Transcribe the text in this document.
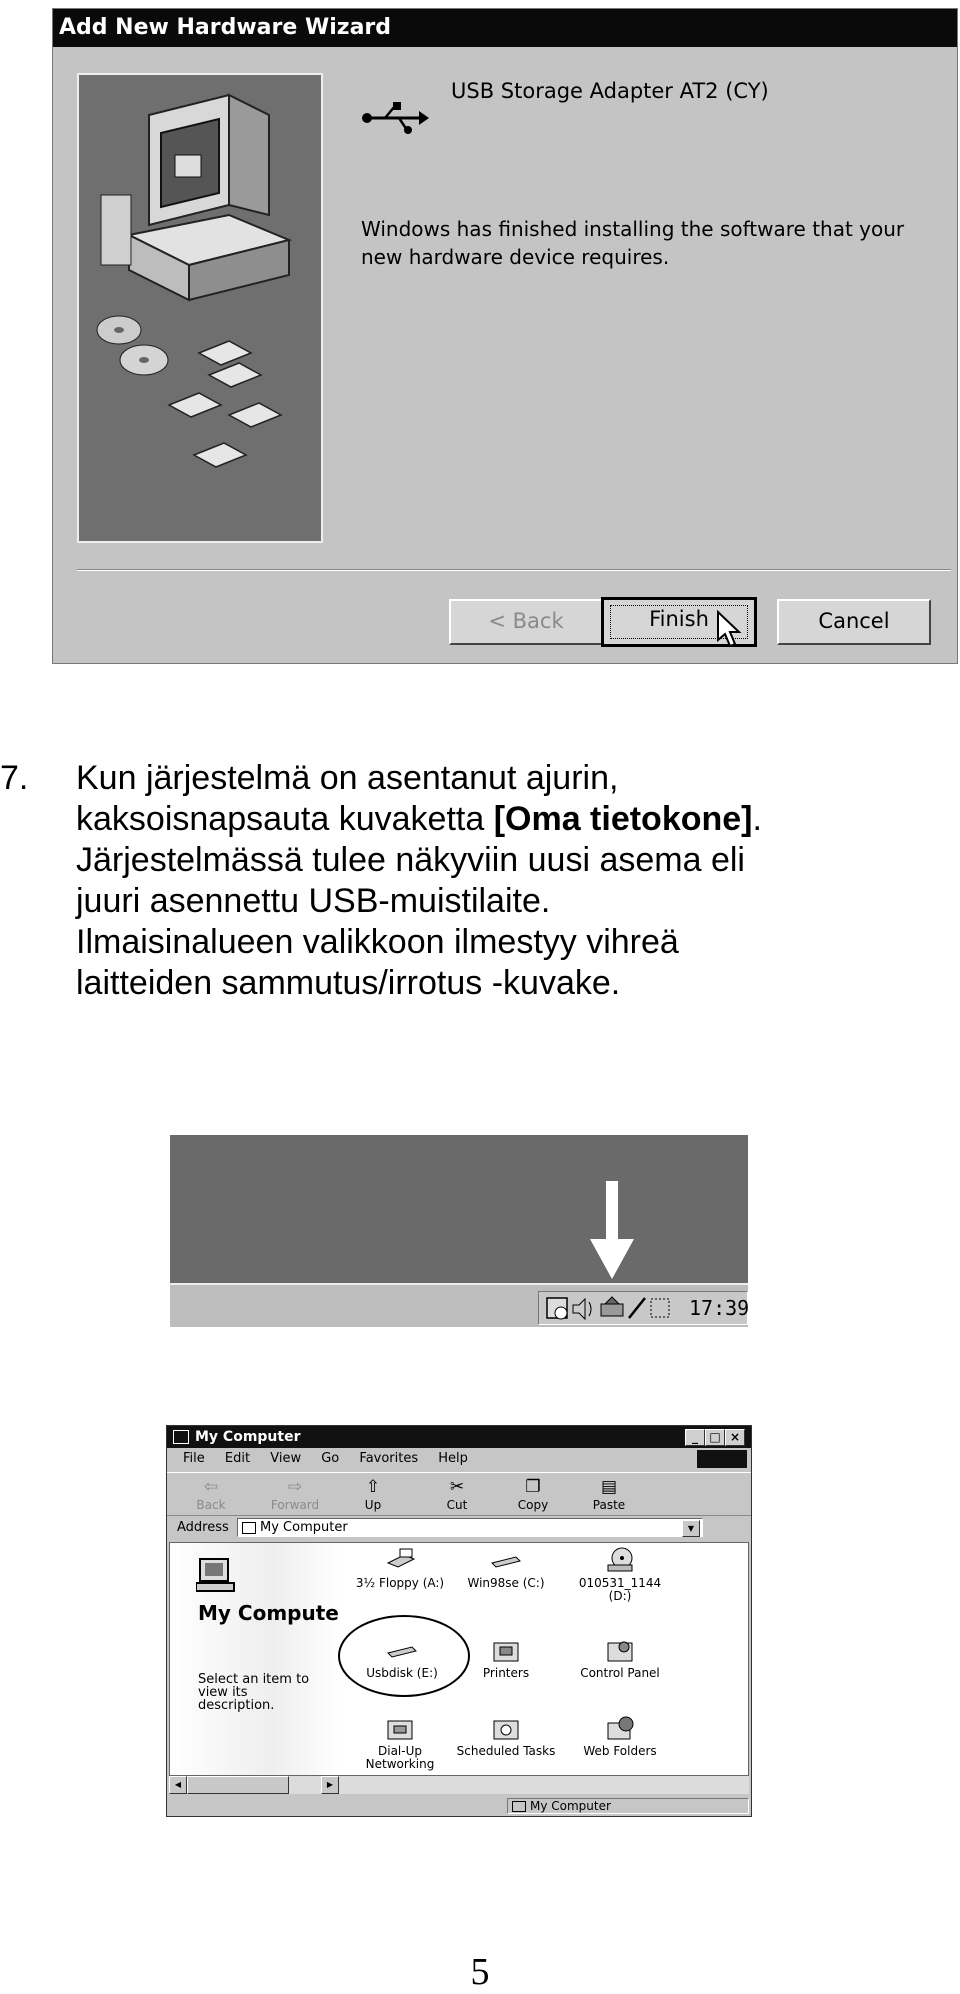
Add New Hardware Wizard
USB Storage Adapter AT2 (CY)
Windows has finished installing the software that your new hardware device requires.
< Back	Finish	Cancel
7. Kun järjestelmä on asentanut ajurin,
kaksoisnapsauta kuvaketta [Oma tietokone].
Järjestelmässä tulee näkyviin uusi asema eli
juuri asennettu USB-muistilaite.
Ilmaisinalueen valikkoon ilmestyy vihreä
laitteiden sammutus/irrotus -kuvake.
17:39
My Computer	_ □ ×
File Edit View Go Favorites Help
⇦
Back
⇨
Forward
⇧
Up
✂
Cut
❐
Copy
▤
Paste
Address	My Computer	▼
My Compute
Select an item to view its description.
3½ Floppy (A:)	Win98se (C:)	010531_1144 (D:)
Usbdisk (E:)	Printers	Control Panel
Dial-Up Networking
Scheduled Tasks	Web Folders
◀	▶
My Computer
5
